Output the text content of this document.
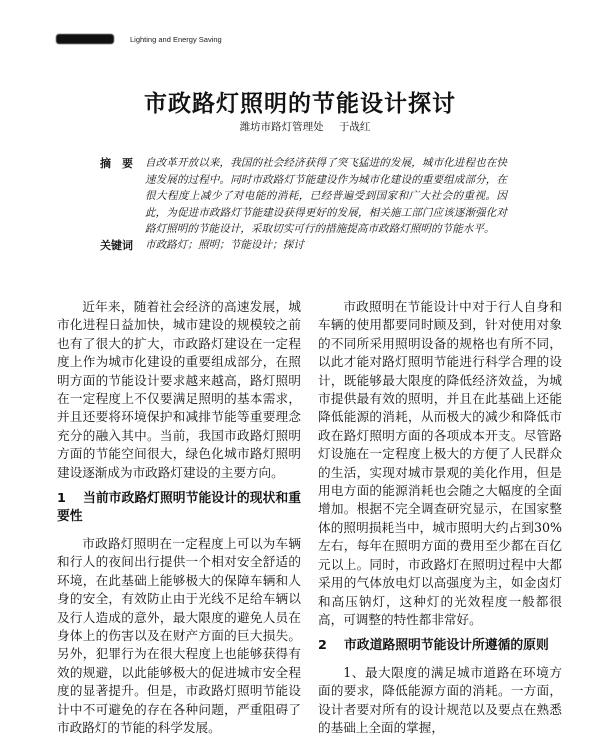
Lighting and Energy Saving
市政路灯照明的节能设计探讨
潍坊市路灯管理处 于战红
摘　要 自改革开放以来，我国的社会经济获得了突飞猛进的发展，城市化进程也在快速发展的过程中。同时市政路灯节能建设作为城市化建设的重要组成部分，在很大程度上减少了对电能的消耗，已经普遍受到国家和广大社会的重视。因此，为促进市政路灯节能建设获得更好的发展，相关施工部门应该逐渐强化对路灯照明的节能设计，采取切实可行的措施提高市政路灯照明的节能水平。
关键词 市政路灯；照明；节能设计；探讨

近年来，随着社会经济的高速发展，城市化进程日益加快，城市建设的规模较之前也有了很大的扩大，市政路灯建设在一定程度上作为城市化建设的重要组成部分，在照明方面的节能设计要求越来越高，路灯照明在一定程度上不仅要满足照明的基本需求，并且还要将环境保护和减排节能等重要理念充分的融入其中。当前，我国市政路灯照明方面的节能空间很大，绿色化城市路灯照明建设逐渐成为市政路灯建设的主要方向。

1 当前市政路灯照明节能设计的现状和重要性

市政路灯照明在一定程度上可以为车辆和行人的夜间出行提供一个相对安全舒适的环境，在此基础上能够极大的保障车辆和人身的安全，有效防止由于光线不足给车辆以及行人造成的意外，最大限度的避免人员在身体上的伤害以及在财产方面的巨大损失。另外，犯罪行为在很大程度上也能够获得有效的规避，以此能够极大的促进城市安全程度的显著提升。但是，市政路灯照明节能设计中不可避免的存在各种问题，严重阻碍了市政路灯的节能的科学发展。

市政照明在节能设计中对于行人自身和车辆的使用都要同时顾及到，针对使用对象的不同所采用照明设备的规格也有所不同，以此才能对路灯照明节能进行科学合理的设计，既能够最大限度的降低经济效益，为城市提供最有效的照明，并且在此基础上还能降低能源的消耗，从而极大的减少和降低市政在路灯照明方面的各项成本开支。尽管路灯设施在一定程度上极大的方便了人民群众的生活，实现对城市景观的美化作用，但是用电方面的能源消耗也会随之大幅度的全面增加。根据不完全调查研究显示，在国家整体的照明损耗当中，城市照明大约占到30%左右，每年在照明方面的费用至少都在百亿元以上。同时，市政路灯在照明过程中大都采用的气体放电灯以高强度为主，如金卤灯和高压钠灯，这种灯的光效程度一般都很高，可调整的特性都非常好。

2 市政道路照明节能设计所遵循的原则

1、最大限度的满足城市道路在环境方面的要求，降低能源方面的消耗。一方面，设计者要对所有的设计规范以及要点在熟悉的基础上全面的掌握，
